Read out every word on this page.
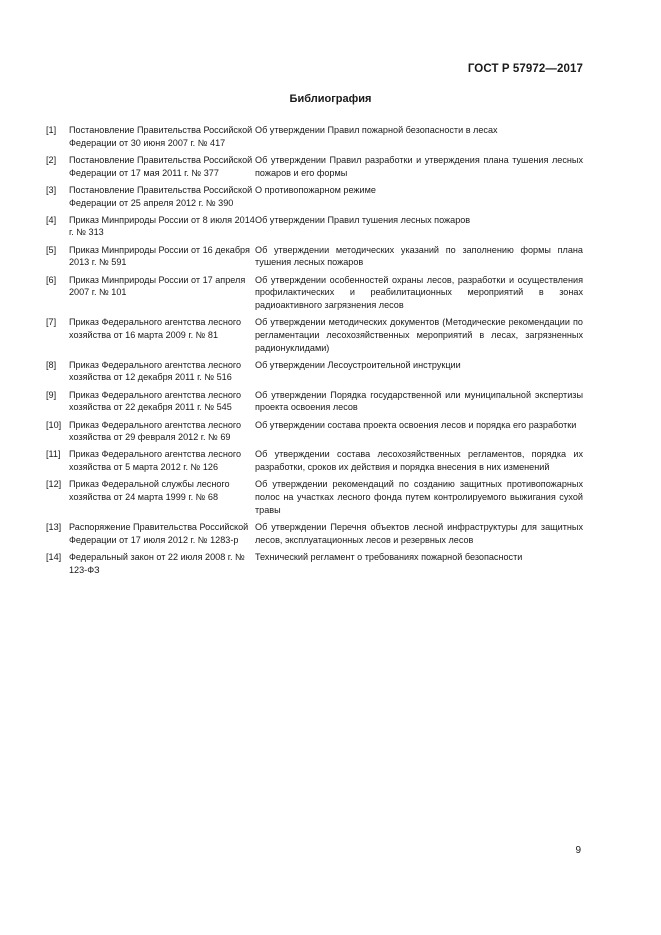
ГОСТ Р 57972—2017
Библиография
[1]	Постановление Правительства Российской Федерации от 30 июня 2007 г. № 417
Об утверждении Правил пожарной безопасности в лесах
[2]	Постановление Правительства Российской Федерации от 17 мая 2011 г. № 377
Об утверждении Правил разработки и утверждения плана тушения лесных пожаров и его формы
[3]	Постановление Правительства Российской Федерации от 25 апреля 2012 г. № 390
О противопожарном режиме
[4]	Приказ Минприроды России от 8 июля 2014 г. № 313
Об утверждении Правил тушения лесных пожаров
[5]	Приказ Минприроды России от 16 декабря 2013 г. № 591
Об утверждении методических указаний по заполнению формы плана тушения лесных пожаров
[6]	Приказ Минприроды России от 17 апреля 2007 г. № 101
Об утверждении особенностей охраны лесов, разработки и осуществления профилактических и реабилитационных мероприятий в зонах радиоактивного загрязнения лесов
[7]	Приказ Федерального агентства лесного хозяйства от 16 марта 2009 г. № 81
Об утверждении методических документов (Методические рекомендации по регламентации лесохозяйственных мероприятий в лесах, загрязненных радионуклидами)
[8]	Приказ Федерального агентства лесного хозяйства от 12 декабря 2011 г. № 516
Об утверждении Лесоустроительной инструкции
[9]	Приказ Федерального агентства лесного хозяйства от 22 декабря 2011 г. № 545
Об утверждении Порядка государственной или муниципальной экспертизы проекта освоения лесов
[10] Приказ Федерального агентства лесного хозяйства от 29 февраля 2012 г. № 69
Об утверждении состава проекта освоения лесов и порядка его разработки
[11] Приказ Федерального агентства лесного хозяйства от 5 марта 2012 г. № 126
Об утверждении состава лесохозяйственных регламентов, порядка их разработки, сроков их действия и порядка внесения в них изменений
[12] Приказ Федеральной службы лесного хозяйства от 24 марта 1999 г. № 68
Об утверждении рекомендаций по созданию защитных противопожарных полос на участках лесного фонда путем контролируемого выжигания сухой травы
[13] Распоряжение Правительства Российской Федерации от 17 июля 2012 г. № 1283-р
Об утверждении Перечня объектов лесной инфраструктуры для защитных лесов, эксплуатационных лесов и резервных лесов
[14] Федеральный закон от 22 июля 2008 г. № 123-ФЗ
Технический регламент о требованиях пожарной безопасности
9
